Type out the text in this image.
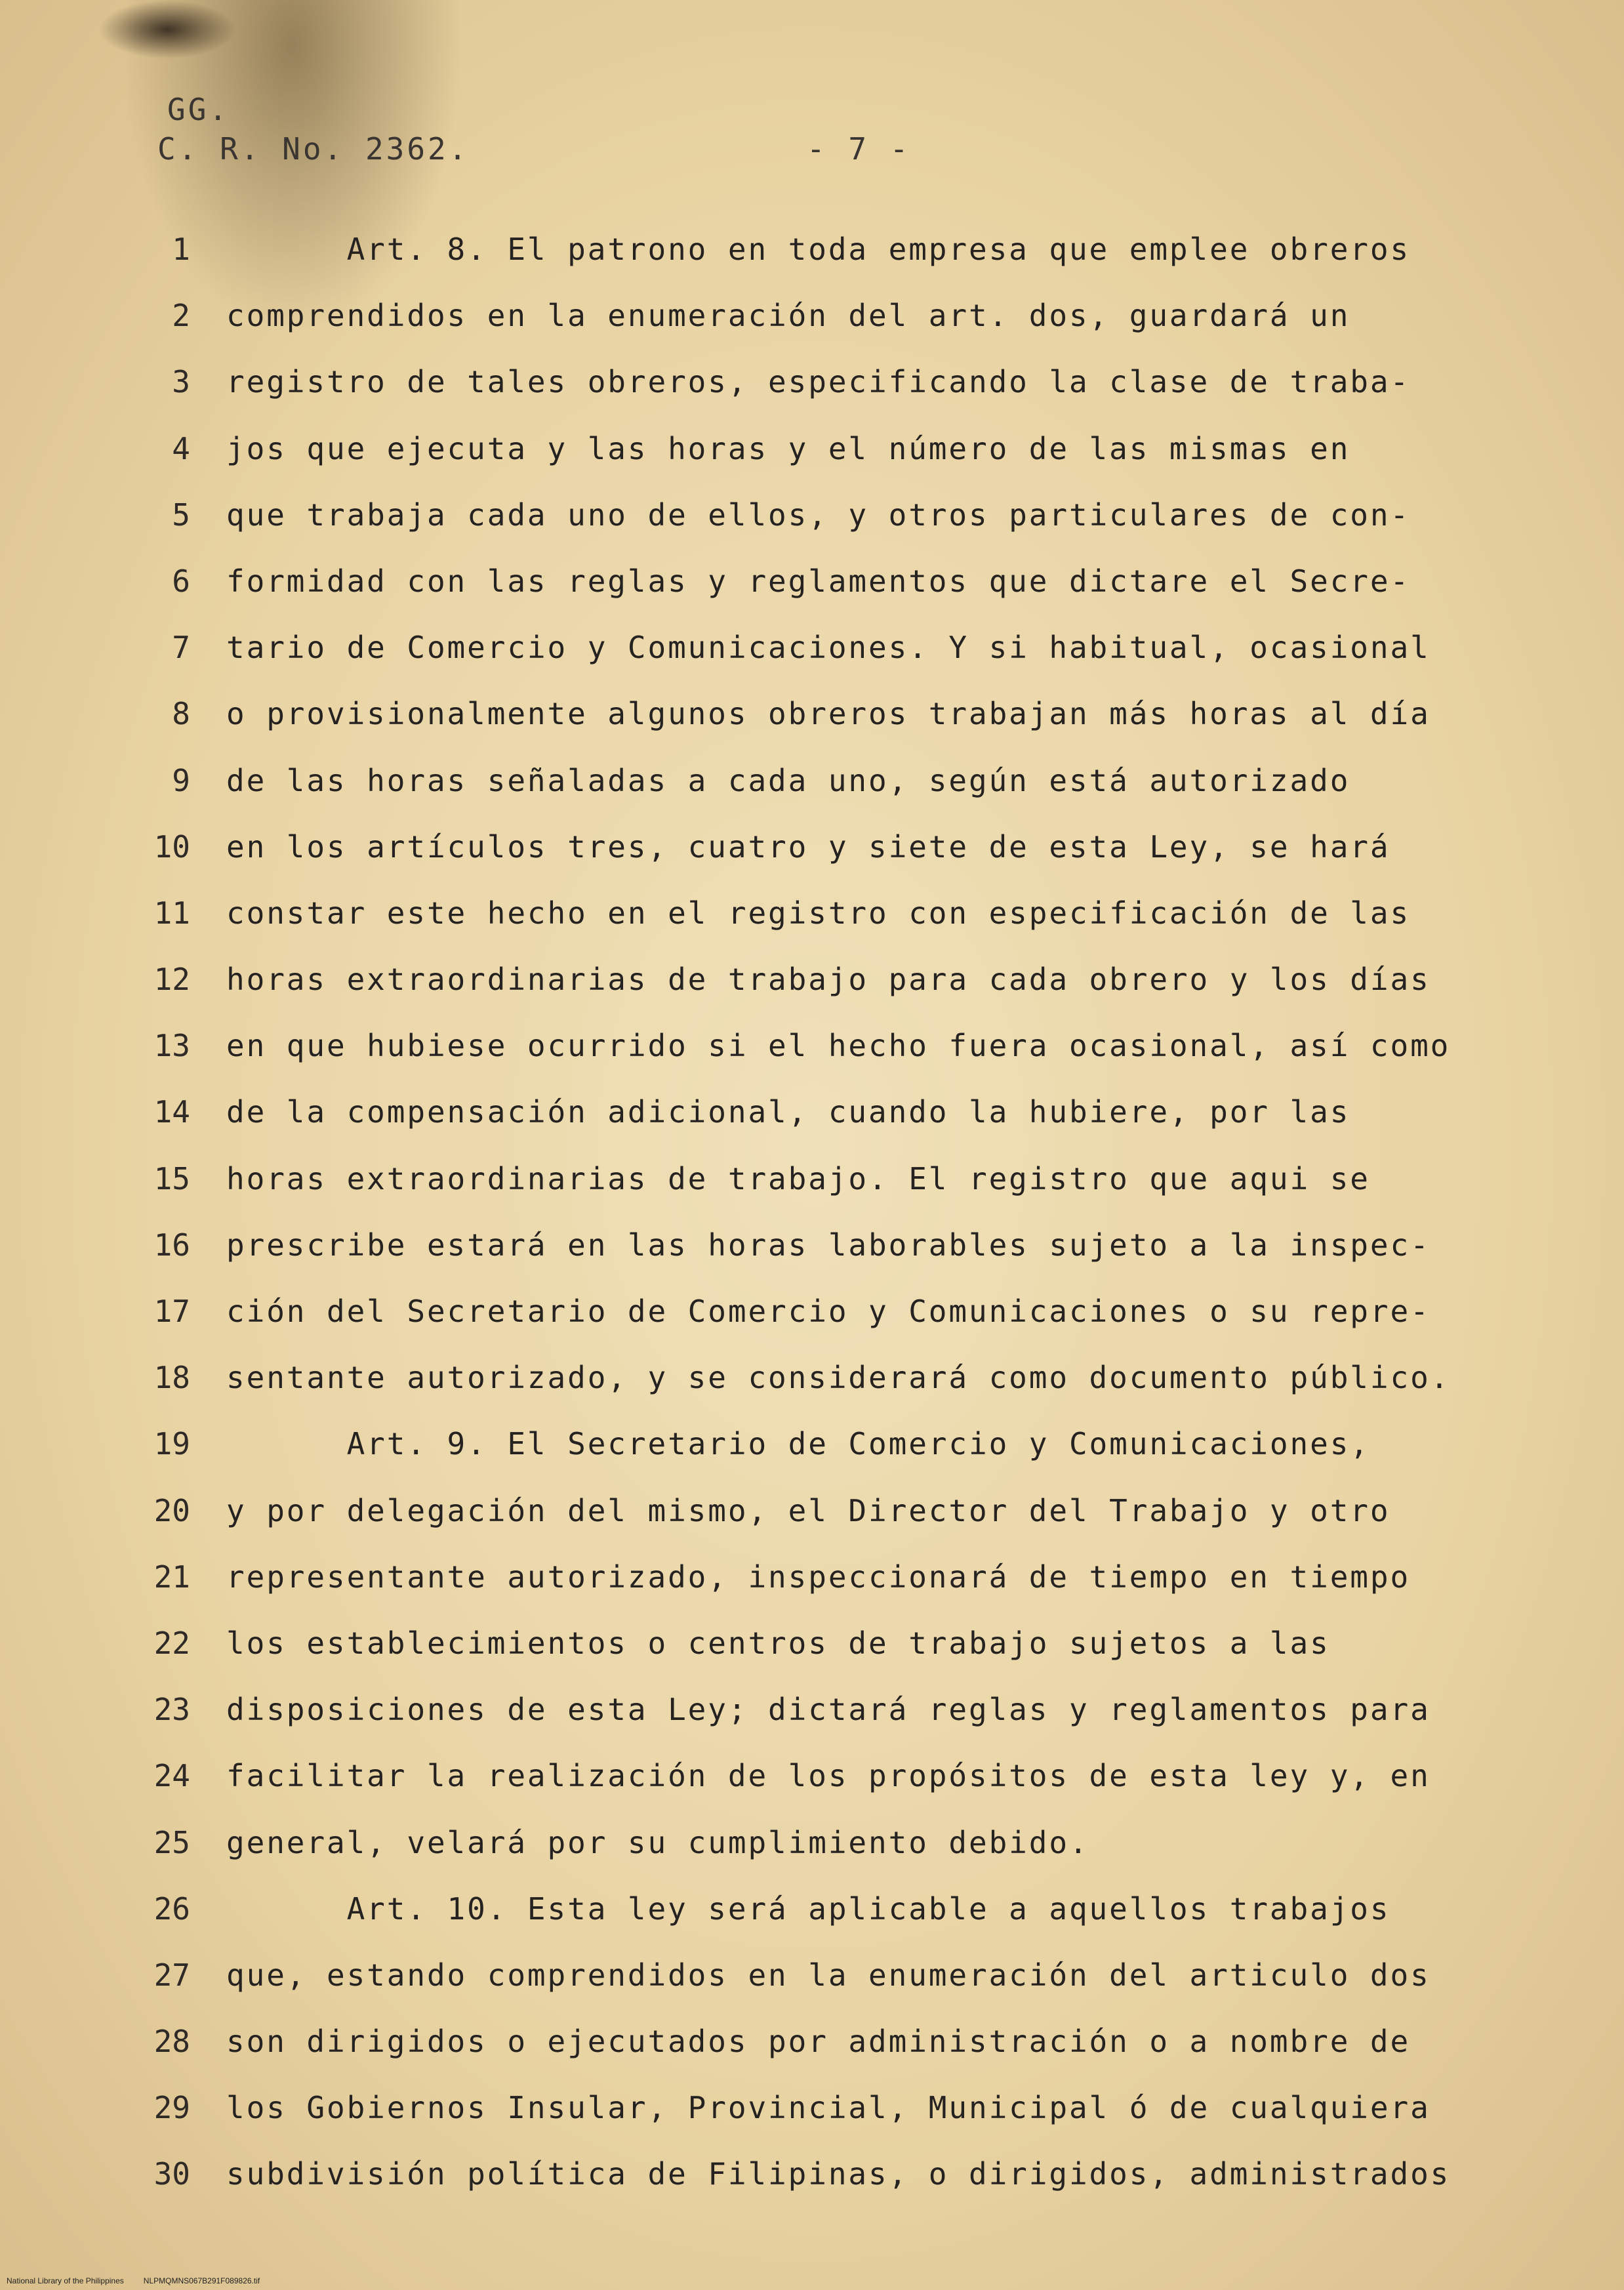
GG.
C. R. No. 2362.	- 7 -
1 Art. 8. El patrono en toda empresa que emplee obreros
2 comprendidos en la enumeración del art. dos, guardará un
3 registro de tales obreros, especificando la clase de traba-
4 jos que ejecuta y las horas y el número de las mismas en
5 que trabaja cada uno de ellos, y otros particulares de con-
6 formidad con las reglas y reglamentos que dictare el Secre-
7 tario de Comercio y Comunicaciones. Y si habitual, ocasional
8 o provisionalmente algunos obreros trabajan más horas al día
9 de las horas señaladas a cada uno, según está autorizado
10 en los artículos tres, cuatro y siete de esta Ley, se hará
11 constar este hecho en el registro con especificación de las
12 horas extraordinarias de trabajo para cada obrero y los días
13 en que hubiese ocurrido si el hecho fuera ocasional, así como
14 de la compensación adicional, cuando la hubiere, por las
15 horas extraordinarias de trabajo. El registro que aqui se
16 prescribe estará en las horas laborables sujeto a la inspec-
17 ción del Secretario de Comercio y Comunicaciones o su repre-
18 sentante autorizado, y se considerará como documento público.
19 Art. 9. El Secretario de Comercio y Comunicaciones,
20 y por delegación del mismo, el Director del Trabajo y otro
21 representante autorizado, inspeccionará de tiempo en tiempo
22 los establecimientos o centros de trabajo sujetos a las
23 disposiciones de esta Ley; dictará reglas y reglamentos para
24 facilitar la realización de los propósitos de esta ley y, en
25 general, velará por su cumplimiento debido.
26 Art. 10. Esta ley será aplicable a aquellos trabajos
27 que, estando comprendidos en la enumeración del articulo dos
28 son dirigidos o ejecutados por administración o a nombre de
29 los Gobiernos Insular, Provincial, Municipal ó de cualquiera
30 subdivisión política de Filipinas, o dirigidos, administrados
National Library of the Philippines	NLPMQMNS067B291F089826.tif
